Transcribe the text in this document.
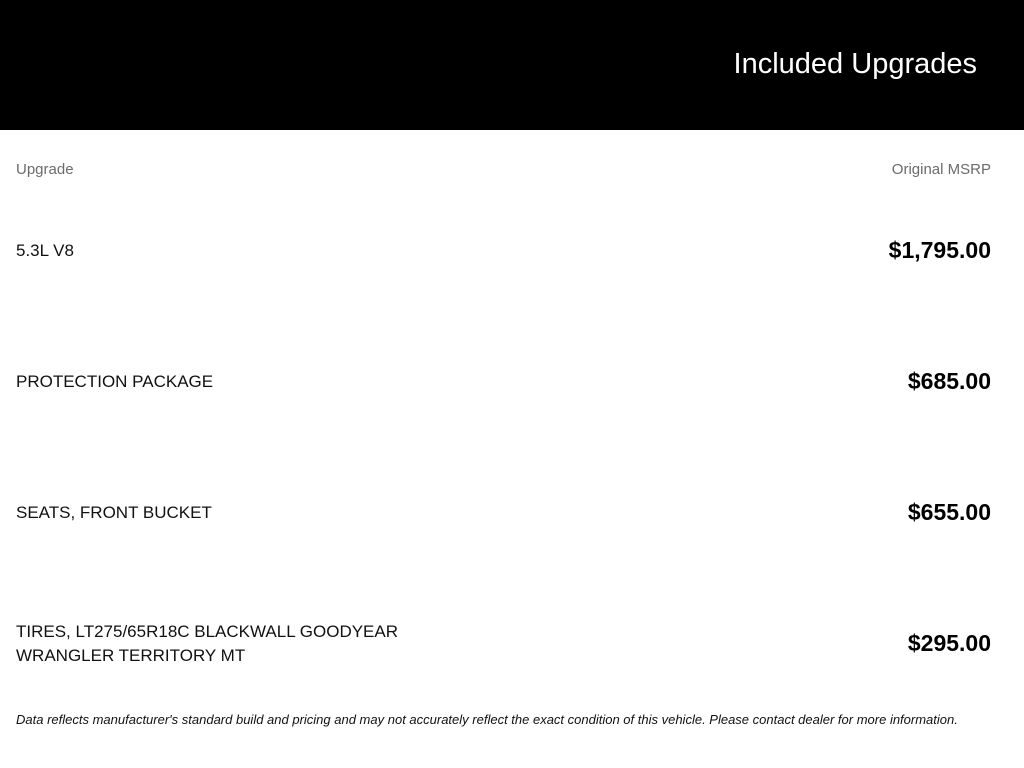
Included Upgrades
Upgrade	Original MSRP
5.3L V8	$1,795.00
PROTECTION PACKAGE	$685.00
SEATS, FRONT BUCKET	$655.00
TIRES, LT275/65R18C BLACKWALL GOODYEAR WRANGLER TERRITORY MT	$295.00

Data reflects manufacturer's standard build and pricing and may not accurately reflect the exact condition of this vehicle. Please contact dealer for more information.
